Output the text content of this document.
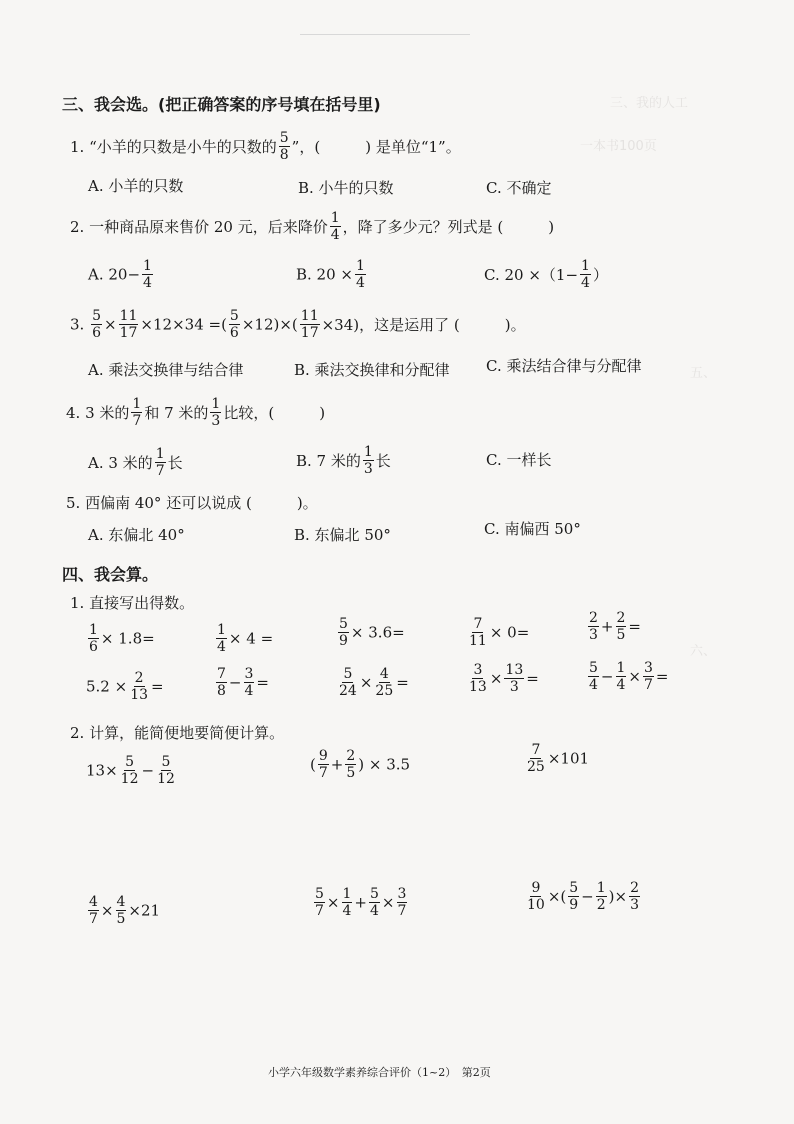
三、我的人工
一本书100页
五、
六、
三、我会选。(把正确答案的序号填在括号里)
1. “小羊的只数是小牛的只数的 $\frac{5}{8}$ ”，(　　　) 是单位“1”。
A. 小羊的只数	B. 小牛的只数	C. 不确定
2. 一种商品原来售价 20 元，后来降价 $\frac{1}{4}$ ，降了多少元？列式是 (　　　)
A. $20- \frac{1}{4}$	B. $20 \times \frac{1}{4}$	C. $20 \times(1- \frac{1}{4}$ ）
3. $\frac{5}{6} \times \frac{11}{17} \times 12\times 34$ =( $\frac{5}{6} \times 12)\times( \frac{11}{17} \times 34)$，这是运用了 (　　　)。
A. 乘法交换律与结合律	B. 乘法交换律和分配律 C. 乘法结合律与分配律
4. 3 米的 $\frac{1}{7}$ 和 7 米的 $\frac{1}{3}$ 比较，(　　　)
A. 3 米的 $\frac{1}{7}$ 长	B. 7 米的 $\frac{1}{3}$ 长	C. 一样长
5. 西偏南 40° 还可以说成 (　　　)。
A. 东偏北 40°	B. 东偏北 50°	C. 南偏西 50°
四、我会算。
1. 直接写出得数。
$\frac{1}{6} \times 1.8=$	$\frac{1}{4} \times 4$ =	$\frac{5}{9} \times 3.6=$	$\frac{7}{11} \times 0=$	$\frac{2}{3} + \frac{2}{5}$ =
$5.2 \times \frac{2}{13}$ =	$\frac{7}{8} - \frac{3}{4}$ =	$\frac{5}{24} \times \frac{4}{25}$ =	$\frac{3}{13} \times \frac{13}{3}$ =	$\frac{5}{4} - \frac{1}{4} \times \frac{3}{7}$ =
2. 计算，能简便地要简便计算。
$13\times \frac{5}{12} - \frac{5}{12}$	( $\frac{9}{7} + \frac{2}{5}$ ) × 3.5	$\frac{7}{25} \times 101$
$\frac{4}{7} \times \frac{4}{5} \times 21$	$\frac{5}{7} \times \frac{1}{4} + \frac{5}{4} \times \frac{3}{7}$	$\frac{9}{10}$ ×( $\frac{5}{9} - \frac{1}{2}$ )× $\frac{2}{3}$
小学六年级数学素养综合评价（1~2）　第2页
